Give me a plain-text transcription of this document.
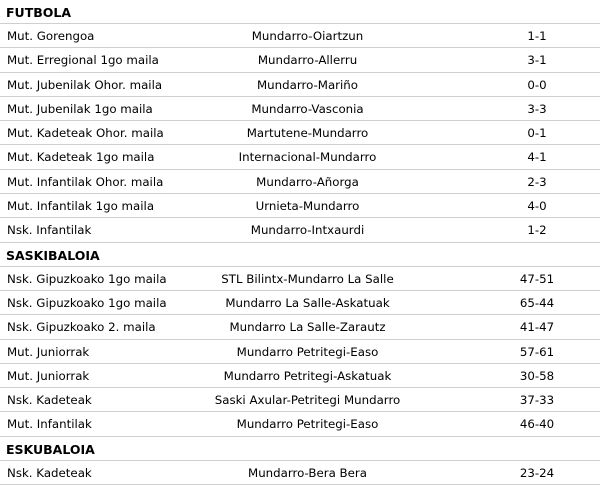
FUTBOLA
Mut. Gorengoa	Mundarro-Oiartzun	1-1
Mut. Erregional 1go maila	Mundarro-Allerru	3-1
Mut. Jubenilak Ohor. maila	Mundarro-Mariño	0-0
Mut. Jubenilak 1go maila	Mundarro-Vasconia	3-3
Mut. Kadeteak Ohor. maila	Martutene-Mundarro	0-1
Mut. Kadeteak 1go maila	Internacional-Mundarro	4-1
Mut. Infantilak Ohor. maila	Mundarro-Añorga	2-3
Mut. Infantilak 1go maila	Urnieta-Mundarro	4-0
Nsk. Infantilak	Mundarro-Intxaurdi	1-2
SASKIBALOIA
Nsk. Gipuzkoako 1go maila	STL Bilintx-Mundarro La Salle	47-51
Nsk. Gipuzkoako 1go maila	Mundarro La Salle-Askatuak	65-44
Nsk. Gipuzkoako 2. maila	Mundarro La Salle-Zarautz	41-47
Mut. Juniorrak	Mundarro Petritegi-Easo	57-61
Mut. Juniorrak	Mundarro Petritegi-Askatuak	30-58
Nsk. Kadeteak	Saski Axular-Petritegi Mundarro	37-33
Mut. Infantilak	Mundarro Petritegi-Easo	46-40
ESKUBALOIA
Nsk. Kadeteak	Mundarro-Bera Bera	23-24
